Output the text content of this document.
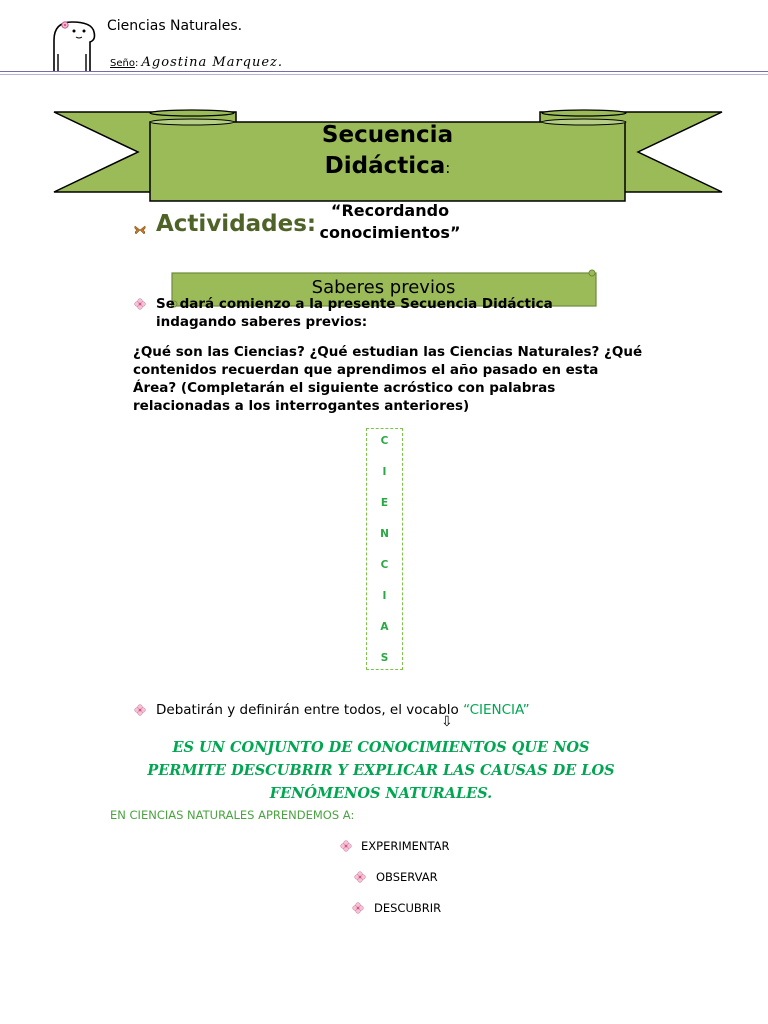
Ciencias Naturales.
Seño: Agostina Marquez.
Secuencia
Didáctica:
Actividades:
“Recordando
conocimientos”
Saberes previos
Se dará comienzo a la presente Secuencia Didáctica indagando saberes previos:
¿Qué son las Ciencias? ¿Qué estudian las Ciencias Naturales? ¿Qué contenidos recuerdan que aprendimos el año pasado en esta Área? (Completarán el siguiente acróstico con palabras relacionadas a los interrogantes anteriores)
C
I
E
N
C
I
A
S
Debatirán y definirán entre todos, el vocablo “CIENCIA”
⇩
ES UN CONJUNTO DE CONOCIMIENTOS QUE NOS PERMITE DESCUBRIR Y EXPLICAR LAS CAUSAS DE LOS FENÓMENOS NATURALES.
EN CIENCIAS NATURALES APRENDEMOS A:
EXPERIMENTAR
OBSERVAR
DESCUBRIR
